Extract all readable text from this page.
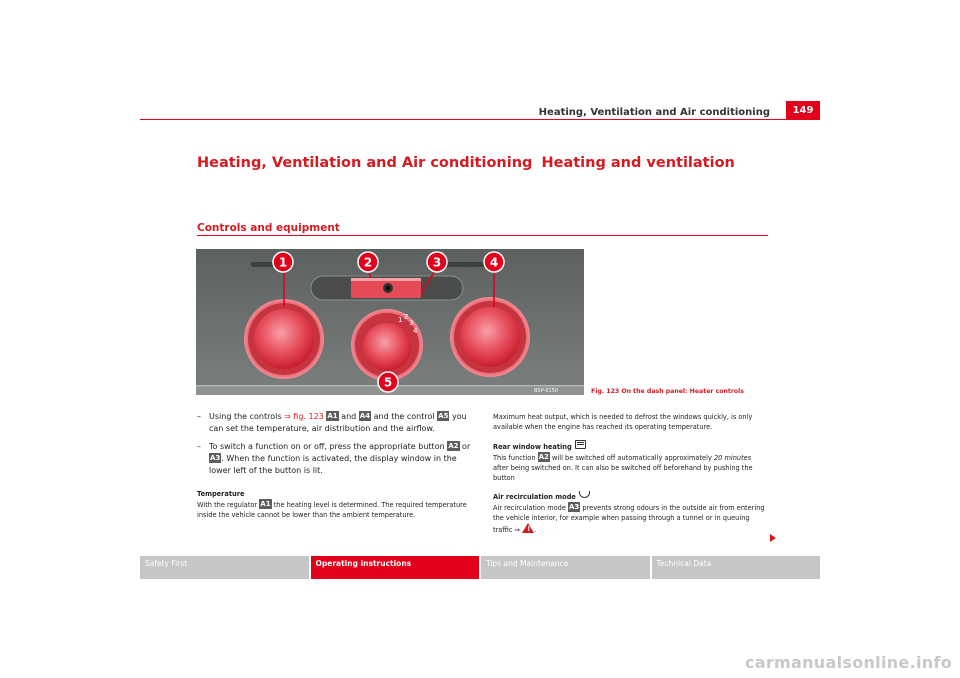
Heating, Ventilation and Air conditioning	149
Heating, Ventilation and Air conditioning Heating and ventilation
Controls and equipment
1 2
3
4
1	2	3	4
5
B5P-0150	Fig. 123 On the dash panel: Heater controls
– Using the controls ⇒ fig. 123 A1 and A4 and the control A5 you can set the temperature, air distribution and the airflow.
– To switch a function on or off, press the appropriate button A2 or A3. When the function is activated, the display window in the lower left of the button is lit.
Temperature
With the regulator A1 the heating level is determined. The required temperature inside the vehicle cannot be lower than the ambient temperature.

Maximum heat output, which is needed to defrost the windows quickly, is only available when the engine has reached its operating temperature.

Rear window heating

This function A2 will be switched off automatically approximately 20 minutes after being switched on. It can also be switched off beforehand by pushing the button

Air recirculation mode

Air recirculation mode A3 prevents strong odours in the outside air from entering the vehicle interior, for example when passing through a tunnel or in queuing traffic ⇒ ! .

Safety First	Operating instructions	Tips and Maintenance	Technical Data
carmanualsonline.info
